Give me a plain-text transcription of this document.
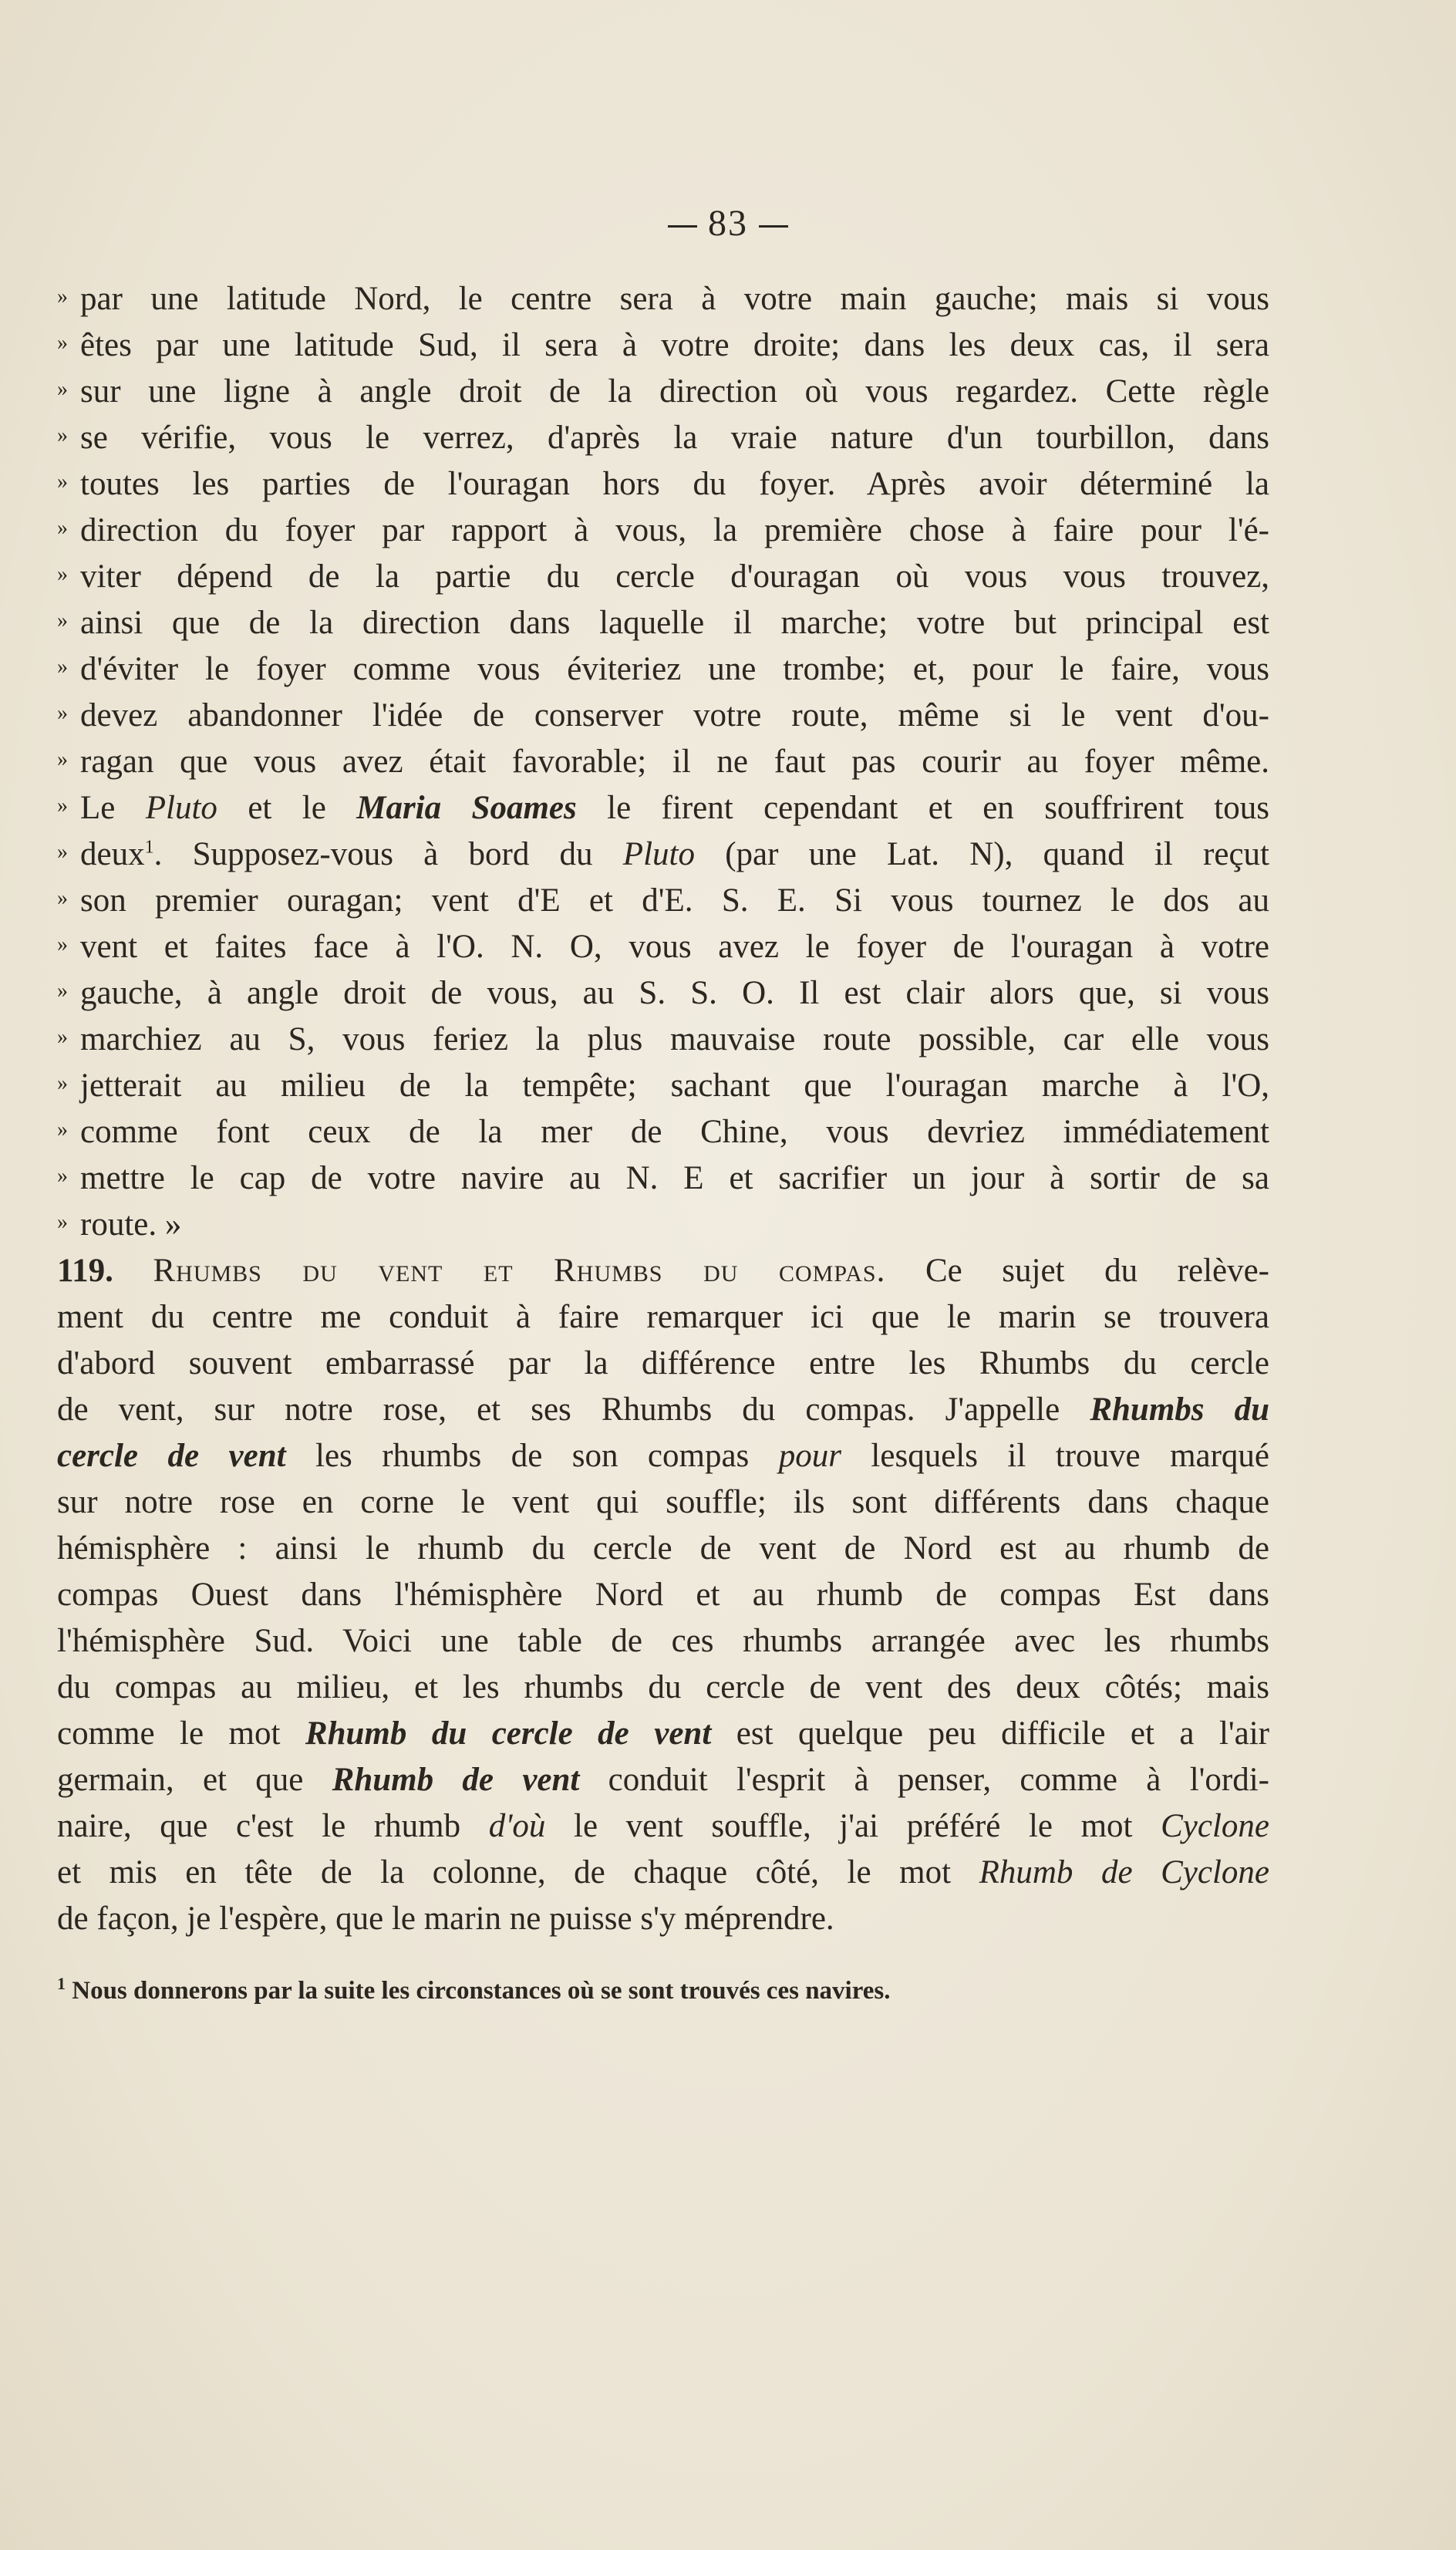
83
»par une latitude Nord, le centre sera à votre main gauche; mais si vous
»êtes par une latitude Sud, il sera à votre droite; dans les deux cas, il sera
»sur une ligne à angle droit de la direction où vous regardez. Cette règle
»se vérifie, vous le verrez, d'après la vraie nature d'un tourbillon, dans
»toutes les parties de l'ouragan hors du foyer. Après avoir déterminé la
»direction du foyer par rapport à vous, la première chose à faire pour l'é-
»viter dépend de la partie du cercle d'ouragan où vous vous trouvez,
»ainsi que de la direction dans laquelle il marche; votre but principal est
»d'éviter le foyer comme vous éviteriez une trombe; et, pour le faire, vous
»devez abandonner l'idée de conserver votre route, même si le vent d'ou-
»ragan que vous avez était favorable; il ne faut pas courir au foyer même.
»Le Pluto et le Maria Soames le firent cependant et en souffrirent tous
»deux$^1$. Supposez-vous à bord du Pluto (par une Lat. N), quand il reçut
»son premier ouragan; vent d'E et d'E. S. E. Si vous tournez le dos au
»vent et faites face à l'O. N. O, vous avez le foyer de l'ouragan à votre
»gauche, à angle droit de vous, au S. S. O. Il est clair alors que, si vous
»marchiez au S, vous feriez la plus mauvaise route possible, car elle vous
»jetterait au milieu de la tempête; sachant que l'ouragan marche à l'O,
»comme font ceux de la mer de Chine, vous devriez immédiatement
»mettre le cap de votre navire au N. E et sacrifier un jour à sortir de sa
»route. »
119. Rhumbs du vent et Rhumbs du compas. Ce sujet du relève-
ment du centre me conduit à faire remarquer ici que le marin se trouvera
d'abord souvent embarrassé par la différence entre les Rhumbs du cercle
de vent, sur notre rose, et ses Rhumbs du compas. J'appelle Rhumbs du
cercle de vent les rhumbs de son compas pour lesquels il trouve marqué
sur notre rose en corne le vent qui souffle; ils sont différents dans chaque
hémisphère : ainsi le rhumb du cercle de vent de Nord est au rhumb de
compas Ouest dans l'hémisphère Nord et au rhumb de compas Est dans
l'hémisphère Sud. Voici une table de ces rhumbs arrangée avec les rhumbs
du compas au milieu, et les rhumbs du cercle de vent des deux côtés; mais
comme le mot Rhumb du cercle de vent est quelque peu difficile et a l'air
germain, et que Rhumb de vent conduit l'esprit à penser, comme à l'ordi-
naire, que c'est le rhumb d'où le vent souffle, j'ai préféré le mot Cyclone
et mis en tête de la colonne, de chaque côté, le mot Rhumb de Cyclone
de façon, je l'espère, que le marin ne puisse s'y méprendre.
$^1$ Nous donnerons par la suite les circonstances où se sont trouvés ces navires.
